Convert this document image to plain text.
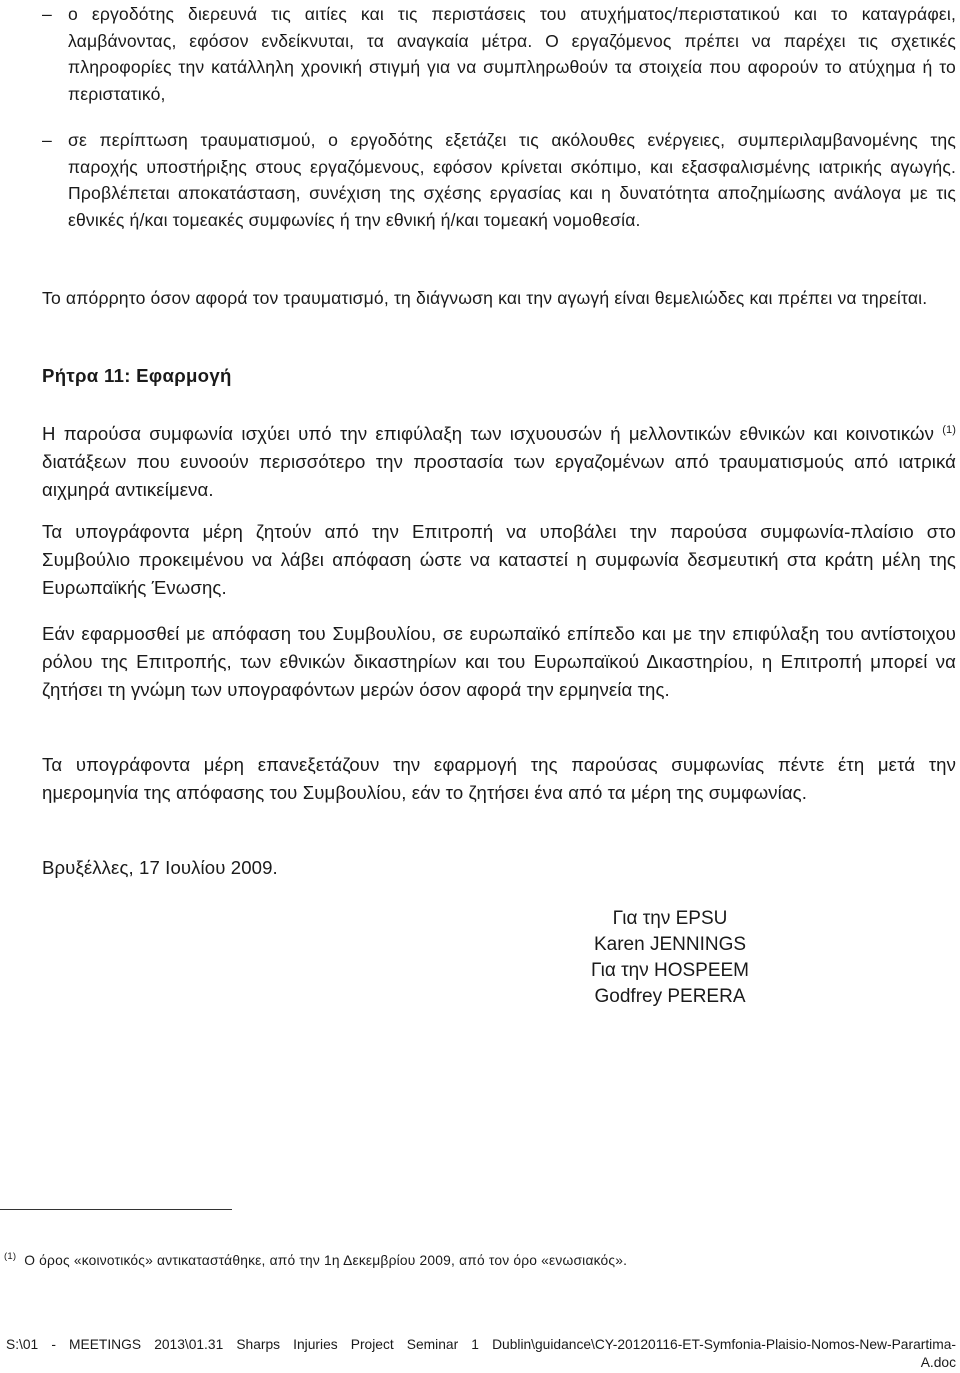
– ο εργοδότης διερευνά τις αιτίες και τις περιστάσεις του ατυχήματος/περιστατικού και το καταγράφει, λαμβάνοντας, εφόσον ενδείκνυται, τα αναγκαία μέτρα. Ο εργαζόμενος πρέπει να παρέχει τις σχετικές πληροφορίες την κατάλληλη χρονική στιγμή για να συμπληρωθούν τα στοιχεία που αφορούν το ατύχημα ή το περιστατικό,
– σε περίπτωση τραυματισμού, ο εργοδότης εξετάζει τις ακόλουθες ενέργειες, συμπεριλαμβανομένης της παροχής υποστήριξης στους εργαζόμενους, εφόσον κρίνεται σκόπιμο, και εξασφαλισμένης ιατρικής αγωγής. Προβλέπεται αποκατάσταση, συνέχιση της σχέσης εργασίας και η δυνατότητα αποζημίωσης ανάλογα με τις εθνικές ή/και τομεακές συμφωνίες ή την εθνική ή/και τομεακή νομοθεσία.
Το απόρρητο όσον αφορά τον τραυματισμό, τη διάγνωση και την αγωγή είναι θεμελιώδες και πρέπει να τηρείται.
Ρήτρα 11: Εφαρμογή
Η παρούσα συμφωνία ισχύει υπό την επιφύλαξη των ισχυουσών ή μελλοντικών εθνικών και κοινοτικών $^{(1)}$ διατάξεων που ευνοούν περισσότερο την προστασία των εργαζομένων από τραυματισμούς από ιατρικά αιχμηρά αντικείμενα.
Τα υπογράφοντα μέρη ζητούν από την Επιτροπή να υποβάλει την παρούσα συμφωνία-πλαίσιο στο Συμβούλιο προκειμένου να λάβει απόφαση ώστε να καταστεί η συμφωνία δεσμευτική στα κράτη μέλη της Ευρωπαϊκής Ένωσης.
Εάν εφαρμοσθεί με απόφαση του Συμβουλίου, σε ευρωπαϊκό επίπεδο και με την επιφύλαξη του αντίστοιχου ρόλου της Επιτροπής, των εθνικών δικαστηρίων και του Ευρωπαϊκού Δικαστηρίου, η Επιτροπή μπορεί να ζητήσει τη γνώμη των υπογραφόντων μερών όσον αφορά την ερμηνεία της.
Τα υπογράφοντα μέρη επανεξετάζουν την εφαρμογή της παρούσας συμφωνίας πέντε έτη μετά την ημερομηνία της απόφασης του Συμβουλίου, εάν το ζητήσει ένα από τα μέρη της συμφωνίας.
Βρυξέλλες, 17 Ιουλίου 2009.
Για την EPSU
Karen JENNINGS
Για την HOSPEEM
Godfrey PERERA
$^{(1)}$ Ο όρος «κοινοτικός» αντικαταστάθηκε, από την 1η Δεκεμβρίου 2009, από τον όρο «ενωσιακός».
S:\01 - MEETINGS 2013\01.31 Sharps Injuries Project Seminar 1 Dublin\guidance\CY-20120116-ET-Symfonia-Plaisio-Nomos-New-Parartima-
A.doc
